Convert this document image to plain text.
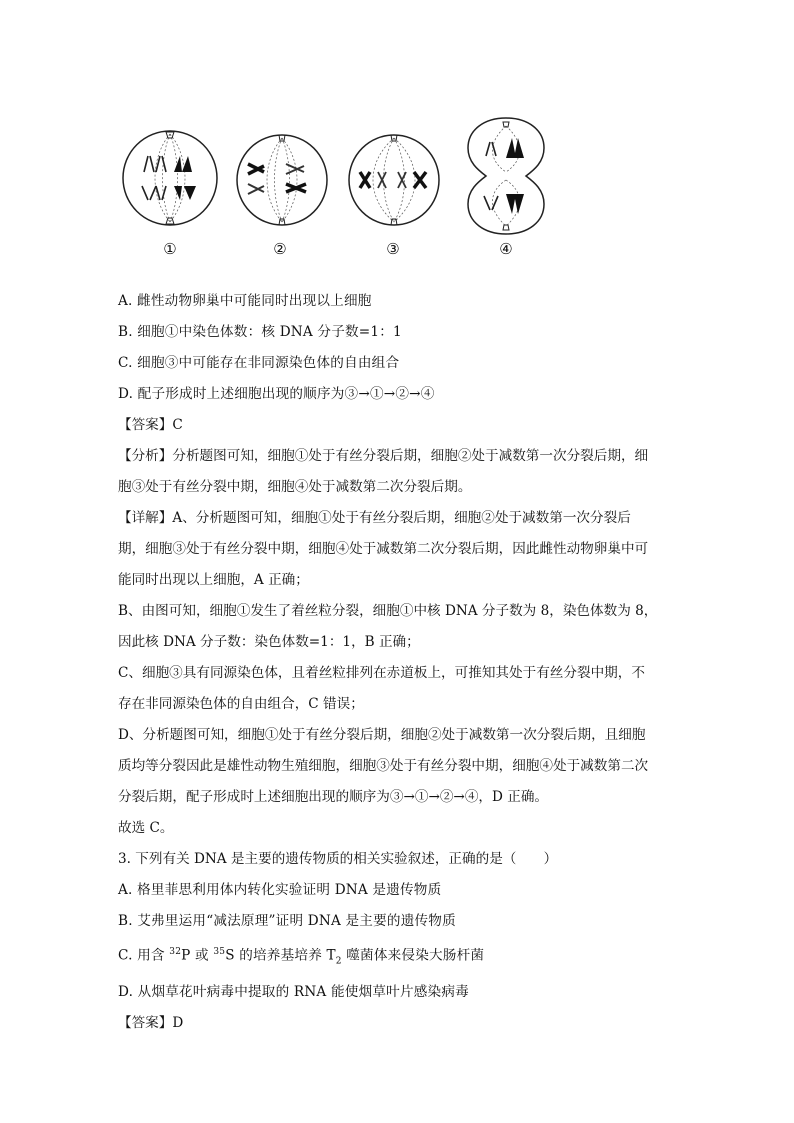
①	②	③	④
A. 雌性动物卵巢中可能同时出现以上细胞
B. 细胞①中染色体数：核 DNA 分子数=1：1
C. 细胞③中可能存在非同源染色体的自由组合
D. 配子形成时上述细胞出现的顺序为③→①→②→④
【答案】C
【分析】分析题图可知，细胞①处于有丝分裂后期，细胞②处于减数第一次分裂后期，细
胞③处于有丝分裂中期，细胞④处于减数第二次分裂后期。
【详解】A、分析题图可知，细胞①处于有丝分裂后期，细胞②处于减数第一次分裂后
期，细胞③处于有丝分裂中期，细胞④处于减数第二次分裂后期，因此雌性动物卵巢中可
能同时出现以上细胞，A 正确；
B、由图可知，细胞①发生了着丝粒分裂，细胞①中核 DNA 分子数为 8，染色体数为 8，
因此核 DNA 分子数：染色体数=1：1，B 正确；
C、细胞③具有同源染色体，且着丝粒排列在赤道板上，可推知其处于有丝分裂中期，不
存在非同源染色体的自由组合，C 错误；
D、分析题图可知，细胞①处于有丝分裂后期，细胞②处于减数第一次分裂后期，且细胞
质均等分裂因此是雄性动物生殖细胞，细胞③处于有丝分裂中期，细胞④处于减数第二次
分裂后期，配子形成时上述细胞出现的顺序为③→①→②→④，D 正确。
故选 C。
3. 下列有关 DNA 是主要的遗传物质的相关实验叙述，正确的是（　　）
A. 格里菲思利用体内转化实验证明 DNA 是遗传物质
B. 艾弗里运用“减法原理”证明 DNA 是主要的遗传物质
C. 用含 $^{32}$P 或 $^{35}$S 的培养基培养 $T_2$ 噬菌体来侵染大肠杆菌
D. 从烟草花叶病毒中提取的 RNA 能使烟草叶片感染病毒
【答案】D
